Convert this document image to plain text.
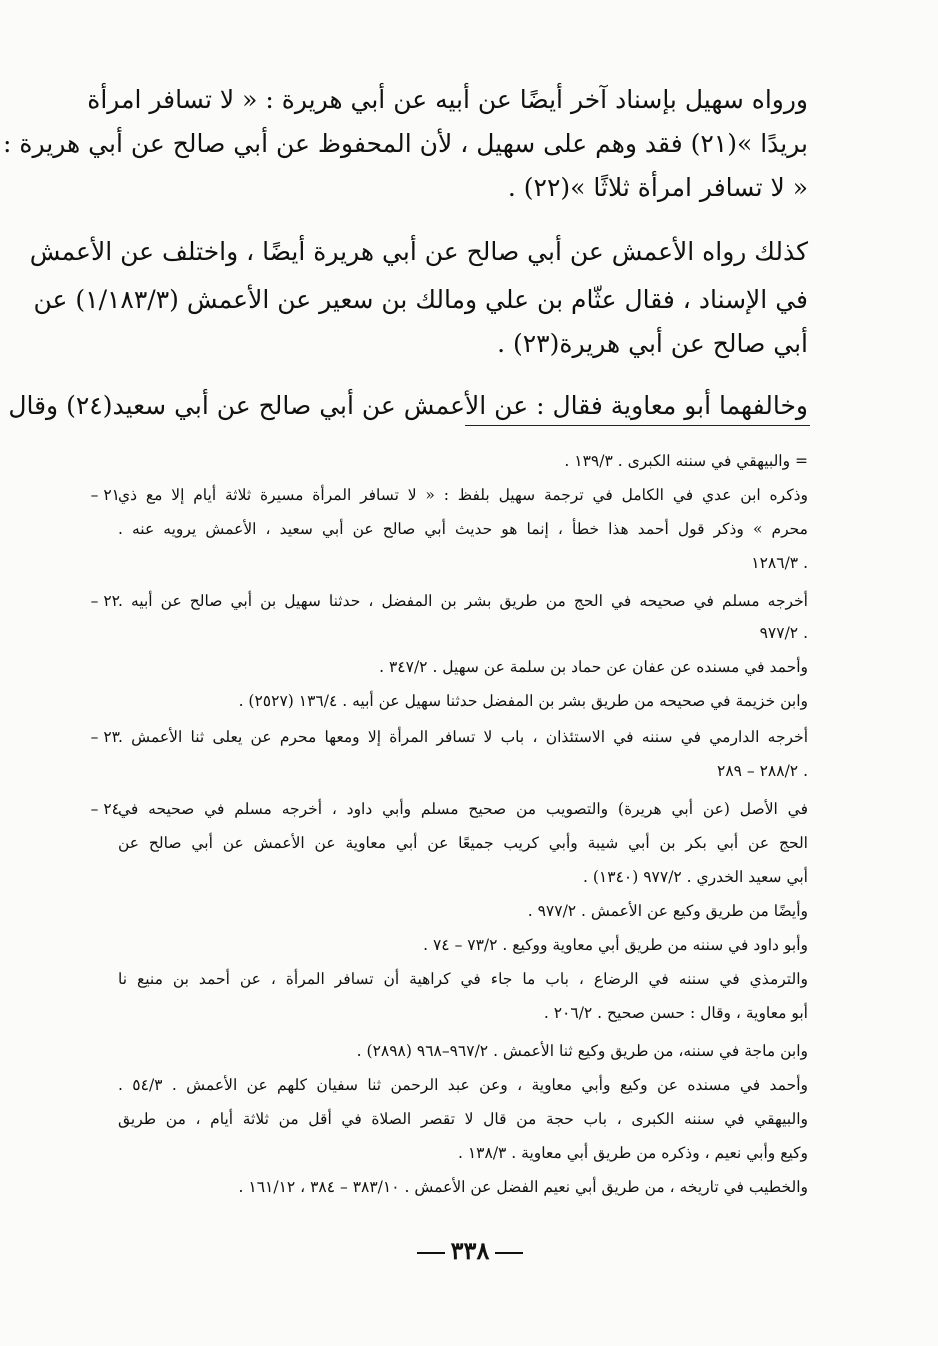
ورواه سهيل بإسناد آخر أيضًا عن أبيه عن أبي هريرة : « لا تسافر امرأة
بريدًا »(٢١) فقد وهم على سهيل ، لأن المحفوظ عن أبي صالح عن أبي هريرة :
« لا تسافر امرأة ثلاثًا »(٢٢) .
كذلك رواه الأعمش عن أبي صالح عن أبي هريرة أيضًا ، واختلف عن الأعمش
في الإسناد ، فقال عثّام بن علي ومالك بن سعير عن الأعمش (١/١٨٣/٣) عن
أبي صالح عن أبي هريرة(٢٣) .
وخالفهما أبو معاوية فقال : عن الأعمش عن أبي صالح عن أبي سعيد(٢٤) وقال
= والبيهقي في سننه الكبرى . ١٣٩/٣ .
٢١ –
وذكره ابن عدي في الكامل في ترجمة سهيل بلفظ : « لا تسافر المرأة مسيرة ثلاثة أيام إلا مع ذي
محرم » وذكر قول أحمد هذا خطأ ، إنما هو حديث أبي صالح عن أبي سعيد ، الأعمش يرويه عنه .
. ١٢٨٦/٣
٢٢ –
أخرجه مسلم في صحيحه في الحج من طريق بشر بن المفضل ، حدثنا سهيل بن أبي صالح عن أبيه .
. ٩٧٧/٢
وأحمد في مسنده عن عفان عن حماد بن سلمة عن سهيل . ٣٤٧/٢ .
وابن خزيمة في صحيحه من طريق بشر بن المفضل حدثنا سهيل عن أبيه . ١٣٦/٤ (٢٥٢٧) .
٢٣ –
أخرجه الدارمي في سننه في الاستئذان ، باب لا تسافر المرأة إلا ومعها محرم عن يعلى ثنا الأعمش .
. ٢٨٨/٢ – ٢٨٩
٢٤ –
في الأصل (عن أبي هريرة) والتصويب من صحيح مسلم وأبي داود ، أخرجه مسلم في صحيحه في
الحج عن أبي بكر بن أبي شيبة وأبي كريب جميعًا عن أبي معاوية عن الأعمش عن أبي صالح عن
أبي سعيد الخدري . ٩٧٧/٢ (١٣٤٠) .
وأيضًا من طريق وكيع عن الأعمش . ٩٧٧/٢ .
وأبو داود في سننه من طريق أبي معاوية ووكيع . ٧٣/٢ – ٧٤ .
والترمذي في سننه في الرضاع ، باب ما جاء في كراهية أن تسافر المرأة ، عن أحمد بن منيع نا
أبو معاوية ، وقال : حسن صحيح . ٢٠٦/٢ .
وابن ماجة في سننه، من طريق وكيع ثنا الأعمش . ٩٦٧/٢–٩٦٨ (٢٨٩٨) .
وأحمد في مسنده عن وكيع وأبي معاوية ، وعن عبد الرحمن ثنا سفيان كلهم عن الأعمش . ٥٤/٣ .
والبيهقي في سننه الكبرى ، باب حجة من قال لا تقصر الصلاة في أقل من ثلاثة أيام ، من طريق
وكيع وأبي نعيم ، وذكره من طريق أبي معاوية . ١٣٨/٣ .
والخطيب في تاريخه ، من طريق أبي نعيم الفضل عن الأعمش . ٣٨٣/١٠ – ٣٨٤ ، ١٦١/١٢ .
٣٣٨
